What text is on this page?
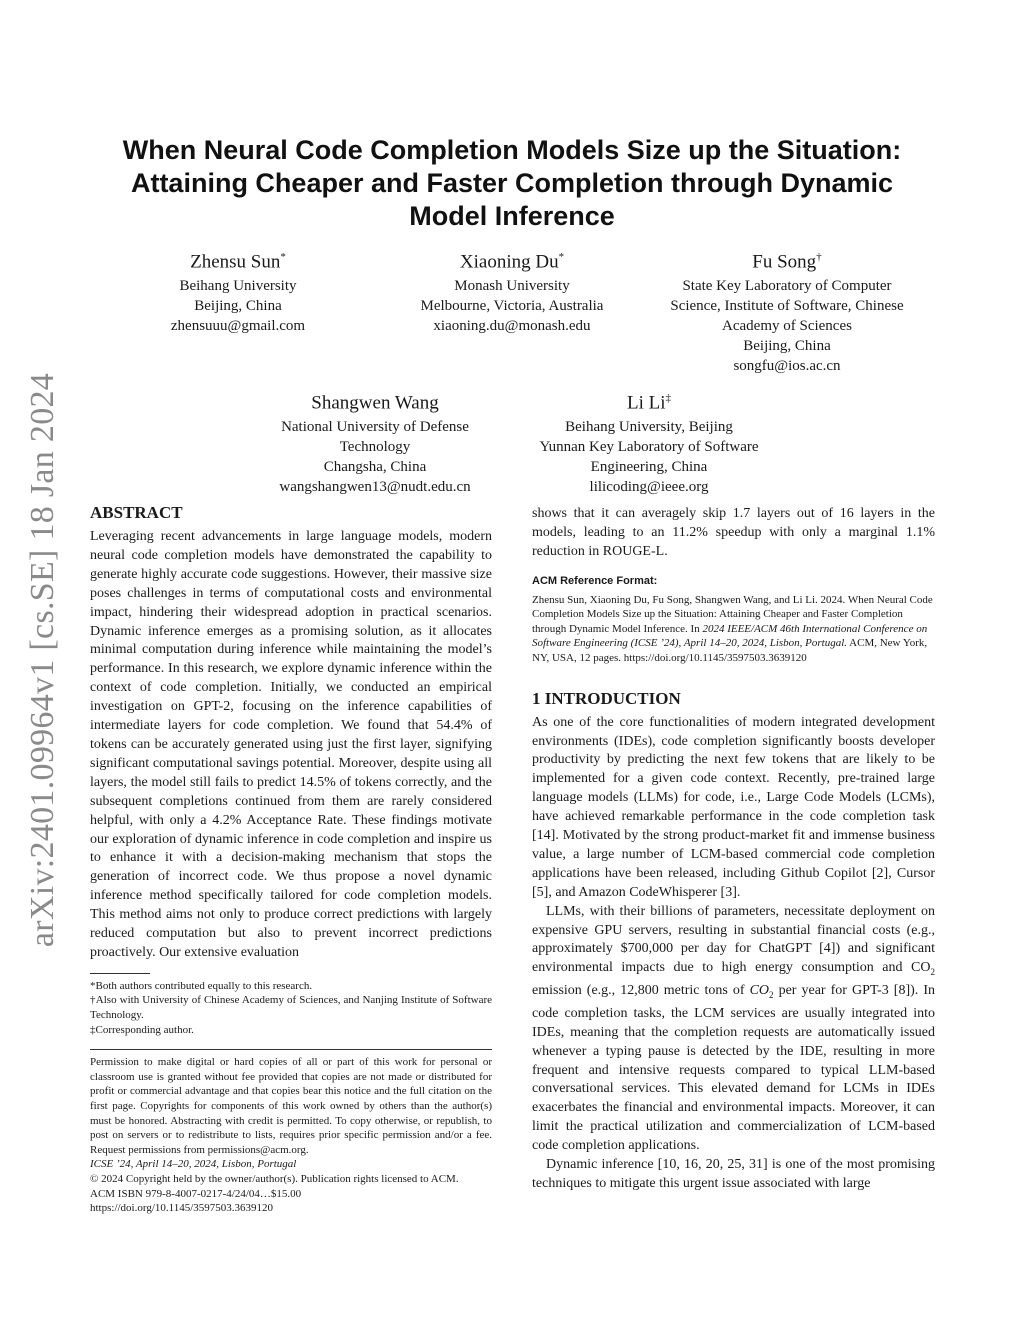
arXiv:2401.09964v1 [cs.SE] 18 Jan 2024
When Neural Code Completion Models Size up the Situation:
Attaining Cheaper and Faster Completion through Dynamic
Model Inference
Zhensu Sun*
Beihang University
Beijing, China
zhensuuu@gmail.com
Xiaoning Du*
Monash University
Melbourne, Victoria, Australia
xiaoning.du@monash.edu
Fu Song†
State Key Laboratory of Computer
Science, Institute of Software, Chinese
Academy of Sciences
Beijing, China
songfu@ios.ac.cn
Shangwen Wang
National University of Defense
Technology
Changsha, China
wangshangwen13@nudt.edu.cn
Li Li‡
Beihang University, Beijing
Yunnan Key Laboratory of Software
Engineering, China
lilicoding@ieee.org
ABSTRACT

Leveraging recent advancements in large language models, modern neural code completion models have demonstrated the capability to generate highly accurate code suggestions. However, their massive size poses challenges in terms of computational costs and environmental impact, hindering their widespread adoption in practical scenarios. Dynamic inference emerges as a promising solution, as it allocates minimal computation during inference while maintaining the model’s performance. In this research, we explore dynamic inference within the context of code completion. Initially, we conducted an empirical investigation on GPT-2, focusing on the inference capabilities of intermediate layers for code completion. We found that 54.4% of tokens can be accurately generated using just the first layer, signifying significant computational savings potential. Moreover, despite using all layers, the model still fails to predict 14.5% of tokens correctly, and the subsequent completions continued from them are rarely considered helpful, with only a 4.2% Acceptance Rate. These findings motivate our exploration of dynamic inference in code completion and inspire us to enhance it with a decision-making mechanism that stops the generation of incorrect code. We thus propose a novel dynamic inference method specifically tailored for code completion models. This method aims not only to produce correct predictions with largely reduced computation but also to prevent incorrect predictions proactively. Our extensive evaluation

*Both authors contributed equally to this research.
†Also with University of Chinese Academy of Sciences, and Nanjing Institute of Software Technology.
‡Corresponding author.
Permission to make digital or hard copies of all or part of this work for personal or classroom use is granted without fee provided that copies are not made or distributed for profit or commercial advantage and that copies bear this notice and the full citation on the first page. Copyrights for components of this work owned by others than the author(s) must be honored. Abstracting with credit is permitted. To copy otherwise, or republish, to post on servers or to redistribute to lists, requires prior specific permission and/or a fee. Request permissions from permissions@acm.org.
ICSE ’24, April 14–20, 2024, Lisbon, Portugal
© 2024 Copyright held by the owner/author(s). Publication rights licensed to ACM.
ACM ISBN 979-8-4007-0217-4/24/04…$15.00
https://doi.org/10.1145/3597503.3639120

shows that it can averagely skip 1.7 layers out of 16 layers in the models, leading to an 11.2% speedup with only a marginal 1.1% reduction in ROUGE-L.

ACM Reference Format:
Zhensu Sun, Xiaoning Du, Fu Song, Shangwen Wang, and Li Li. 2024. When Neural Code Completion Models Size up the Situation: Attaining Cheaper and Faster Completion through Dynamic Model Inference. In 2024 IEEE/ACM 46th International Conference on Software Engineering (ICSE ’24), April 14–20, 2024, Lisbon, Portugal. ACM, New York, NY, USA, 12 pages. https://doi.org/10.1145/3597503.3639120
1 INTRODUCTION

As one of the core functionalities of modern integrated development environments (IDEs), code completion significantly boosts developer productivity by predicting the next few tokens that are likely to be implemented for a given code context. Recently, pre-trained large language models (LLMs) for code, i.e., Large Code Models (LCMs), have achieved remarkable performance in the code completion task [14]. Motivated by the strong product-market fit and immense business value, a large number of LCM-based commercial code completion applications have been released, including Github Copilot [2], Cursor [5], and Amazon CodeWhisperer [3].

LLMs, with their billions of parameters, necessitate deployment on expensive GPU servers, resulting in substantial financial costs (e.g., approximately $700,000 per day for ChatGPT [4]) and significant environmental impacts due to high energy consumption and $CO_2$ emission (e.g., 12,800 metric tons of $CO_2$ per year for GPT-3 [8]). In code completion tasks, the LCM services are usually integrated into IDEs, meaning that the completion requests are automatically issued whenever a typing pause is detected by the IDE, resulting in more frequent and intensive requests compared to typical LLM-based conversational services. This elevated demand for LCMs in IDEs exacerbates the financial and environmental impacts. Moreover, it can limit the practical utilization and commercialization of LCM-based code completion applications.

Dynamic inference [10, 16, 20, 25, 31] is one of the most promising techniques to mitigate this urgent issue associated with large
